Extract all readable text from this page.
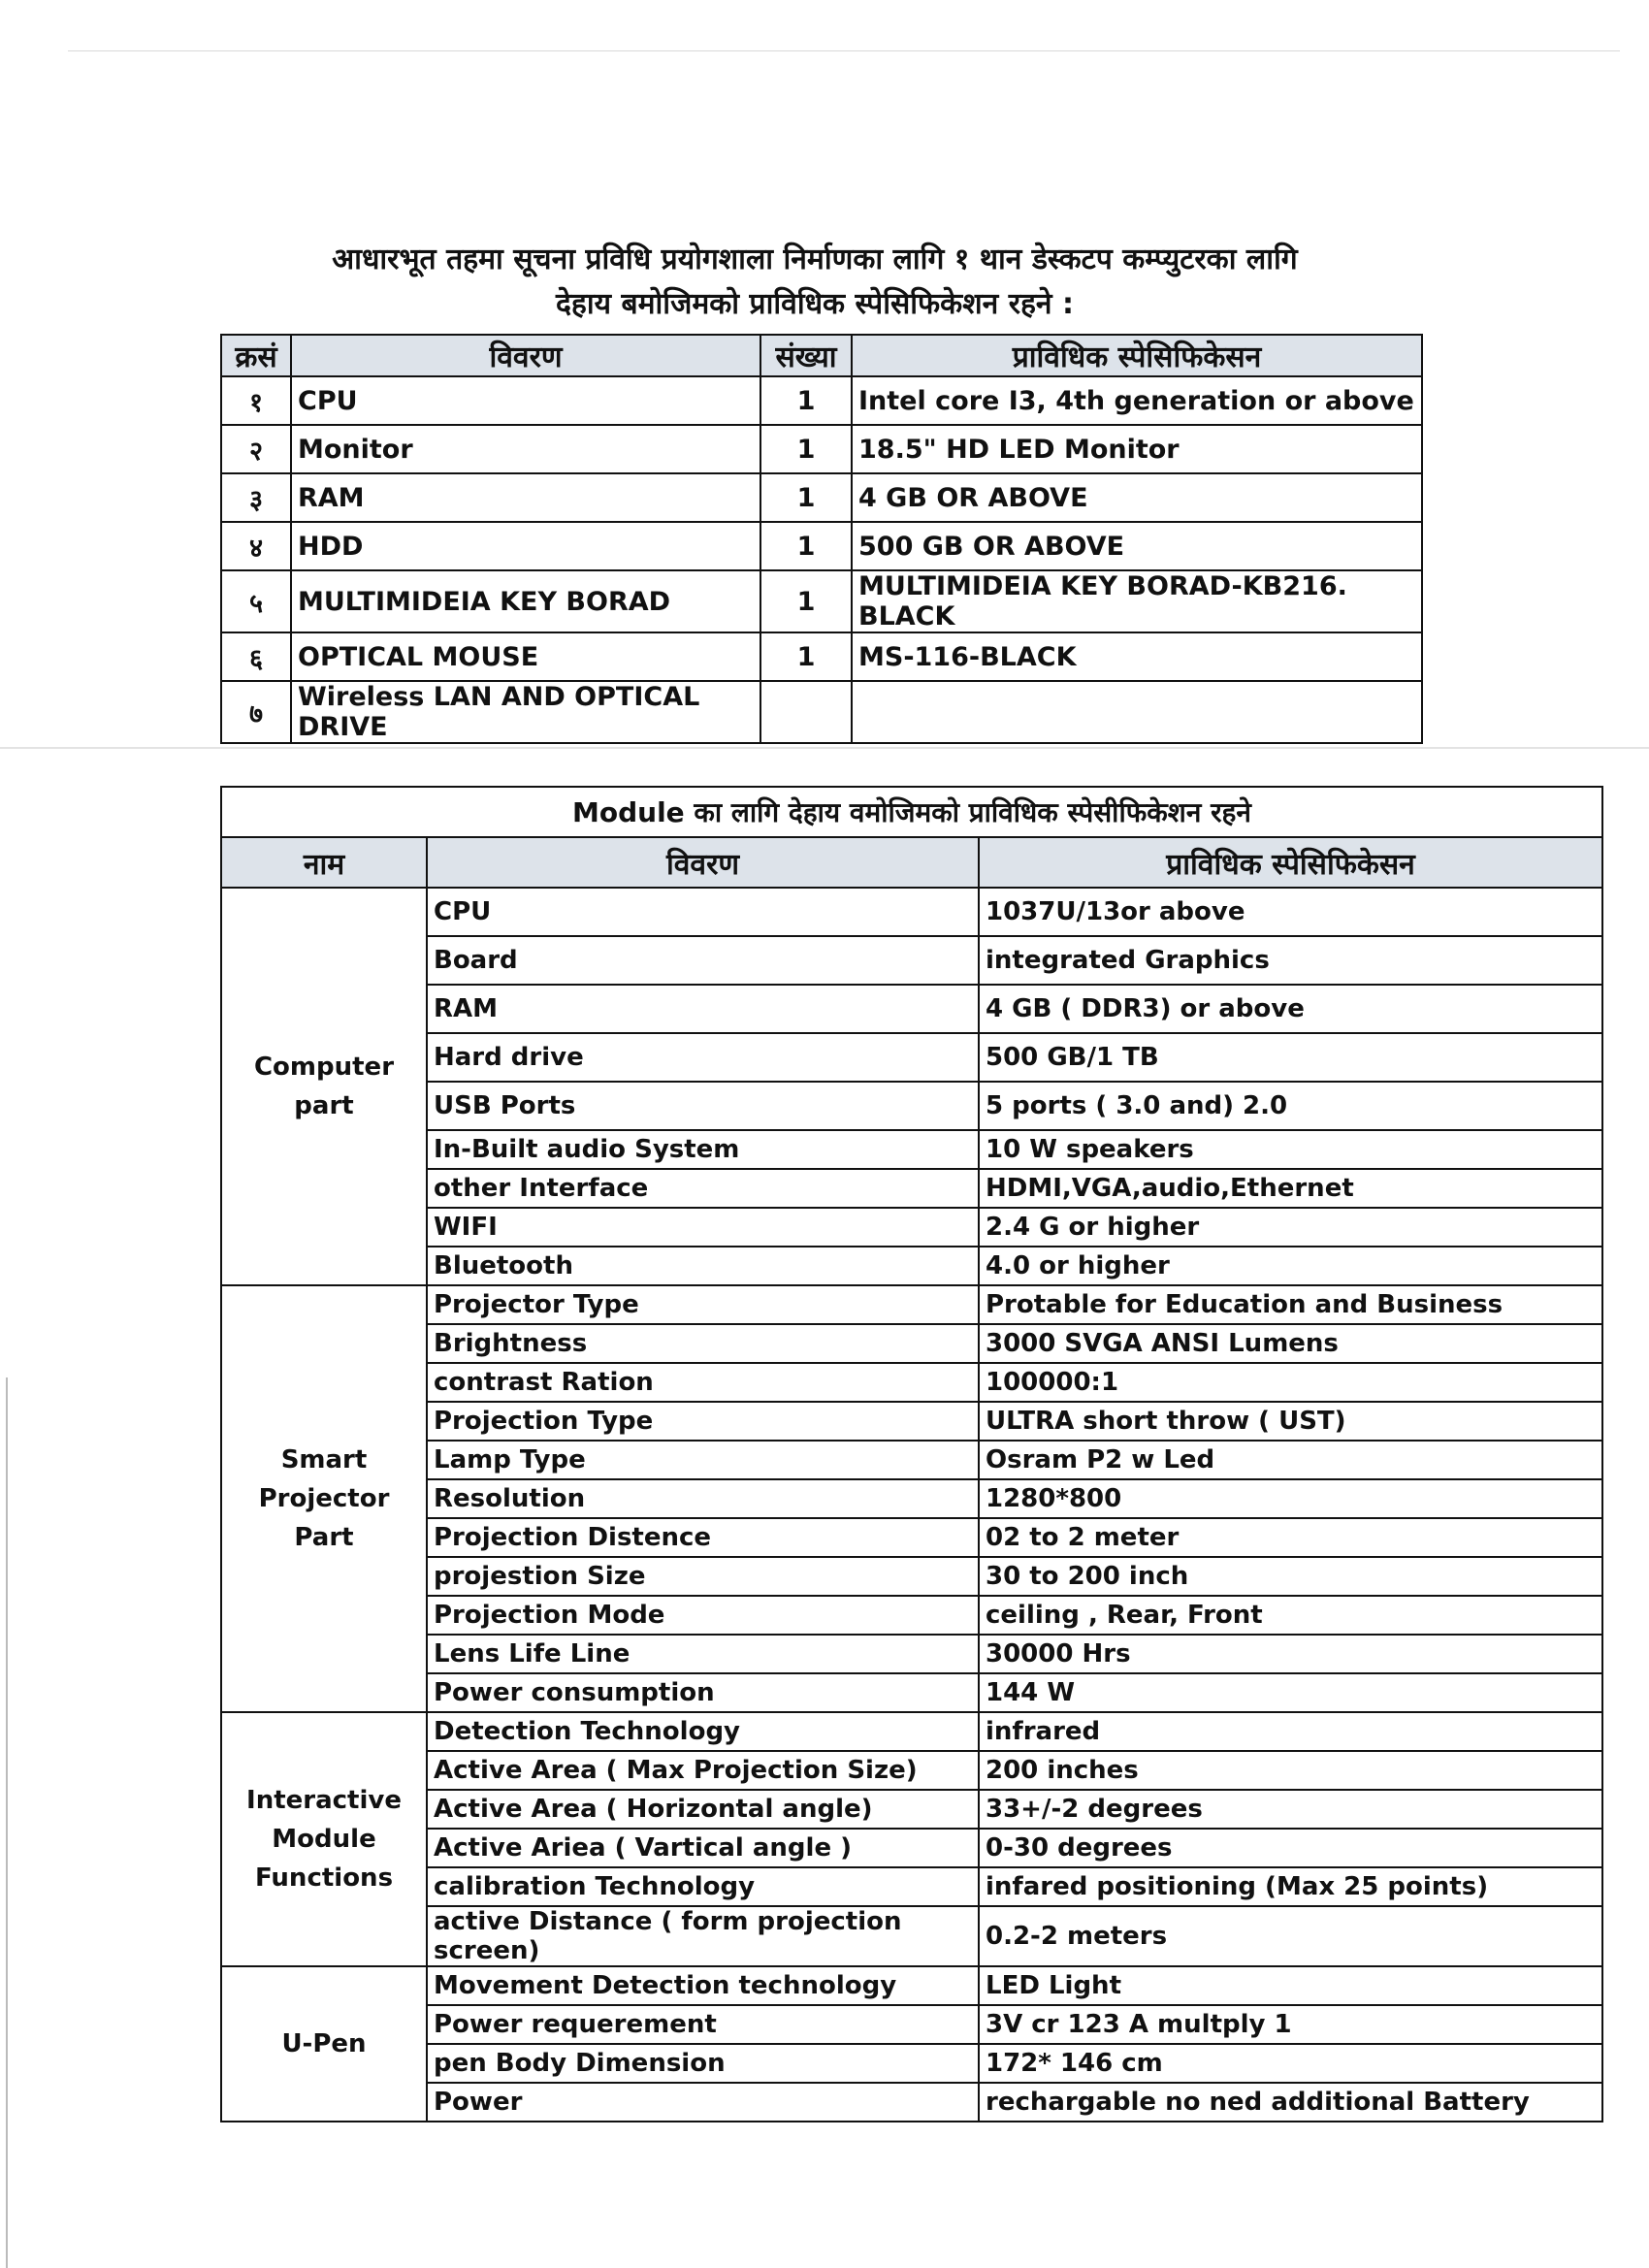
आधारभूत तहमा सूचना प्रविधि प्रयोगशाला निर्माणका लागि १ थान डेस्कटप कम्प्युटरका लागि
देहाय बमोजिमको प्राविधिक स्पेसिफिकेशन रहने :
क्रसं	विवरण	संख्या	प्राविधिक स्पेसिफिकेसन
१	CPU	1	Intel core I3, 4th generation or above
२	Monitor	1	18.5" HD LED Monitor
३	RAM	1	4 GB OR ABOVE
४	HDD	1	500 GB OR ABOVE
५	MULTIMIDEIA KEY BORAD	1	MULTIMIDEIA KEY BORAD-KB216. BLACK
६	OPTICAL MOUSE	1	MS-116-BLACK
७	Wireless LAN AND OPTICAL DRIVE		
Module का लागि देहाय वमोजिमको प्राविधिक स्पेसीफिकेशन रहने		
नाम	विवरण	प्राविधिक स्पेसिफिकेसन
Computer part	CPU	1037U/13or above
	Board	integrated Graphics
	RAM	4 GB ( DDR3) or above
	Hard drive	500 GB/1 TB
	USB Ports	5 ports ( 3.0 and) 2.0
	In-Built audio System	10 W speakers
	other Interface	HDMI,VGA,audio,Ethernet
	WIFI	2.4 G or higher
	Bluetooth	4.0 or higher
Smart Projector Part	Projector Type	Protable for Education and Business
	Brightness	3000 SVGA ANSI Lumens
	contrast Ration	100000:1
	Projection Type	ULTRA short throw ( UST)
	Lamp Type	Osram P2 w Led
	Resolution	1280*800
	Projection Distence	02 to 2 meter
	projestion Size	30 to 200 inch
	Projection Mode	ceiling , Rear, Front
	Lens Life Line	30000 Hrs
	Power consumption	144 W
Interactive Module Functions	Detection Technology	infrared
	Active Area ( Max Projection Size)	200 inches
	Active Area ( Horizontal angle)	33+/-2 degrees
	Active Ariea ( Vartical angle )	0-30 degrees
	calibration Technology	infared positioning (Max 25 points)
	active Distance ( form projection screen)	0.2-2 meters
U-Pen	Movement Detection technology	LED Light
	Power requerement	3V cr 123 A multply 1
	pen Body Dimension	172* 146 cm
	Power	rechargable no ned additional Battery
